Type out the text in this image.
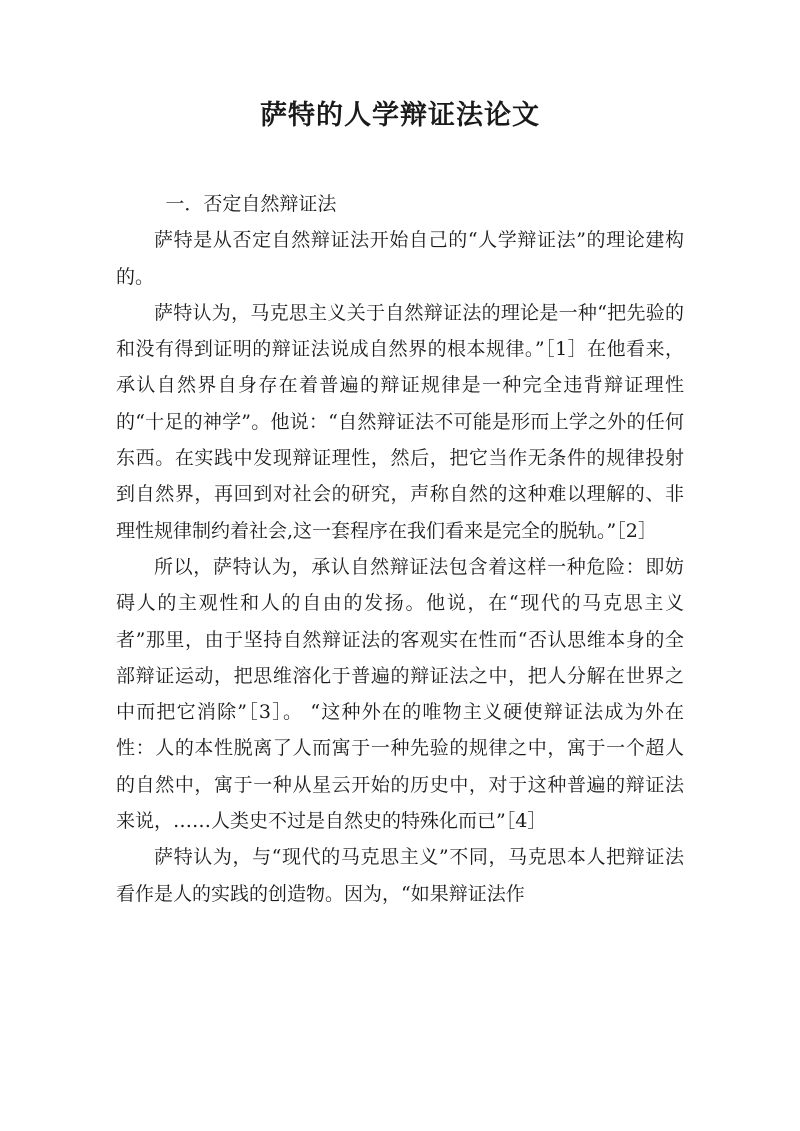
萨特的人学辩证法论文

一．否定自然辩证法

萨特是从否定自然辩证法开始自己的“人学辩证法”的理论建构的。

萨特认为，马克思主义关于自然辩证法的理论是一种“把先验的和没有得到证明的辩证法说成自然界的根本规律。”［1］在他看来， 承认自然界自身存在着普遍的辩证规律是一种完全违背辩证理性的“十足的神学”。他说：“自然辩证法不可能是形而上学之外的任何东西。在实践中发现辩证理性，然后，把它当作无条件的规律投射到自然界，再回到对社会的研究，声称自然的这种难以理解的、非理性规律制约着社会,这一套程序在我们看来是完全的脱轨。”［2］

所以，萨特认为，承认自然辩证法包含着这样一种危险：即妨碍人的主观性和人的自由的发扬。他说，在“现代的马克思主义者”那里，由于坚持自然辩证法的客观实在性而“否认思维本身的全部辩证运动，把思维溶化于普遍的辩证法之中，把人分解在世界之中而把它消除”［3］。 “这种外在的唯物主义硬使辩证法成为外在性：人的本性脱离了人而寓于一种先验的规律之中，寓于一个超人的自然中，寓于一种从星云开始的历史中，对于这种普遍的辩证法来说，……人类史不过是自然史的特殊化而已”［4］

萨特认为，与“现代的马克思主义”不同，马克思本人把辩证法看作是人的实践的创造物。因为，“如果辩证法作
